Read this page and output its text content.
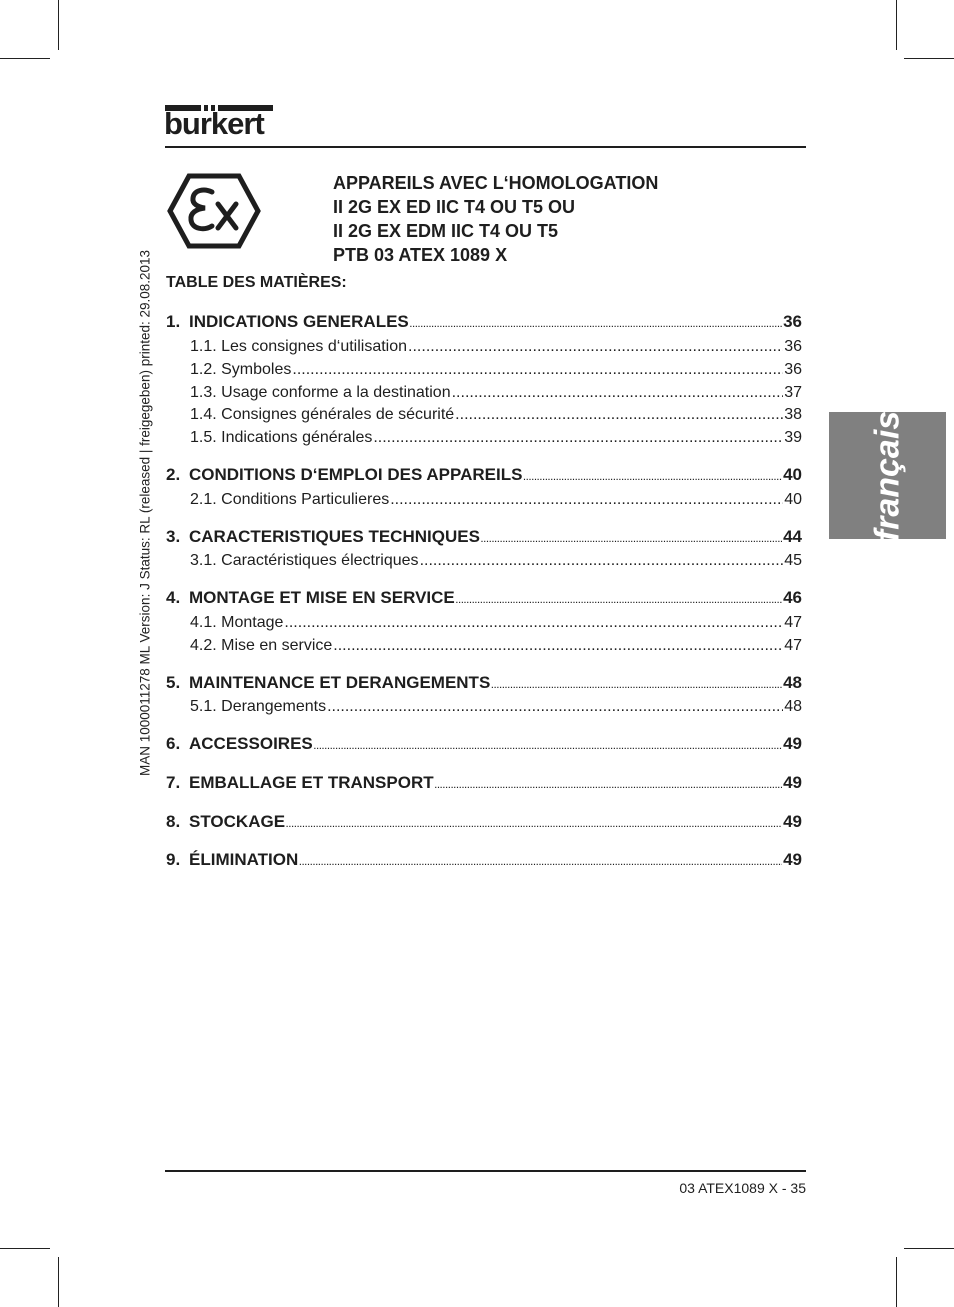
burkert
APPAREILS AVEC L‘HOMOLOGATION
II 2G EX ED IIC T4 OU T5 OU
II 2G EX EDM IIC T4 OU T5
PTB 03 ATEX 1089 X
TABLE DES MATIÈRES:
1. INDICATIONS GENERALES .....	36
1.1. Les consignes d‘utilisation .....	36
1.2. Symboles .....	36
1.3. Usage conforme a la destination .....	37
1.4. Consignes générales de sécurité .....	38
1.5. Indications générales .....	39
2. CONDITIONS D‘EMPLOI DES APPAREILS .....	40
2.1. Conditions Particulieres .....	40
3. CARACTERISTIQUES TECHNIQUES .....	44
3.1. Caractéristiques électriques .....	45
4. MONTAGE ET MISE EN SERVICE .....	46
4.1. Montage .....	47
4.2. Mise en service .....	47
5. MAINTENANCE ET DERANGEMENTS .....	48
5.1. Derangements .....	48
6. ACCESSOIRES .....	49
7. EMBALLAGE ET TRANSPORT .....	49
8. STOCKAGE .....	49
9. ÉLIMINATION .....	49
français
MAN 1000011278 ML Version: J Status: RL (released | freigegeben) printed: 29.08.2013
03 ATEX1089 X - 35
